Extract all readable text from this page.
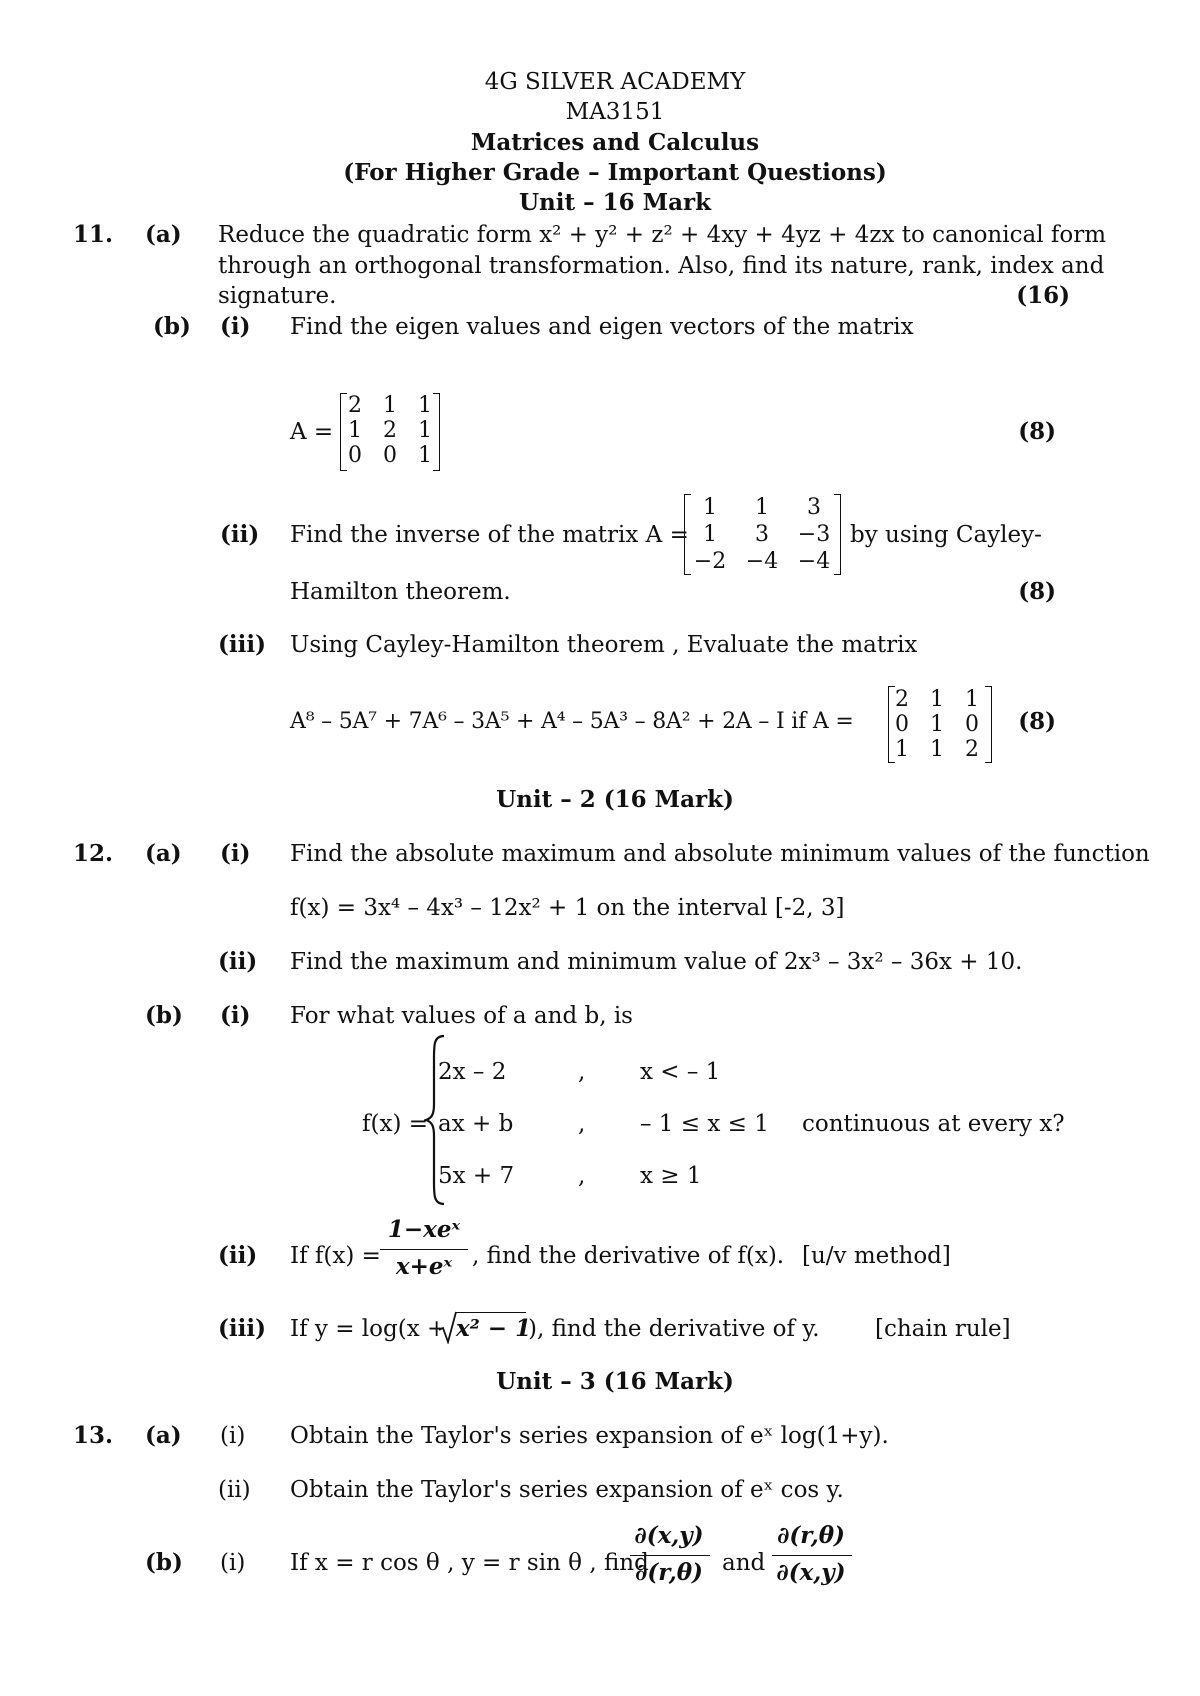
4G SILVER ACADEMY
MA3151
Matrices and Calculus
(For Higher Grade – Important Questions)
Unit – 16 Mark
11. (a) Reduce the quadratic form x² + y² + z² + 4xy + 4yz + 4zx to canonical form
through an orthogonal transformation. Also, find its nature, rank, index and
signature.	(16)
(b) (i) Find the eigen values and eigen vectors of the matrix
A =
2 1 1
1 2 1
0 0 1
(8)
(ii) Find the inverse of the matrix A =
1	1	3
1	3	−3
−2 −4 −4
by using Cayley-
Hamilton theorem.	(8)
(iii) Using Cayley-Hamilton theorem , Evaluate the matrix
A⁸ – 5A⁷ + 7A⁶ – 3A⁵ + A⁴ – 5A³ – 8A² + 2A – I if A =
2 1 1
0 1 0
1 1 2
(8)
Unit – 2 (16 Mark)
12. (a) (i) Find the absolute maximum and absolute minimum values of the function
f(x) = 3x⁴ – 4x³ – 12x² + 1 on the interval [-2, 3]
(ii) Find the maximum and minimum value of 2x³ – 3x² – 36x + 10.
(b) (i) For what values of a and b, is
f(x) =
2x – 2	, x < – 1
ax + b	, – 1 ≤ x ≤ 1
5x + 7	, x ≥ 1
continuous at every x?
(ii) If f(x) =
1−xeˣ
x+eˣ , find the derivative of f(x). [u/v method]
(iii) If y = log(x + x² − 1
), find the derivative of y. [chain rule]
Unit – 3 (16 Mark)
13. (a) (i) Obtain the Taylor's series expansion of eˣ log(1+y).
(ii) Obtain the Taylor's series expansion of eˣ cos y.
(b) (i) If x = r cos θ , y = r sin θ , find
∂(x,y)
∂(r,θ) and
∂(r,θ)
∂(x,y)
